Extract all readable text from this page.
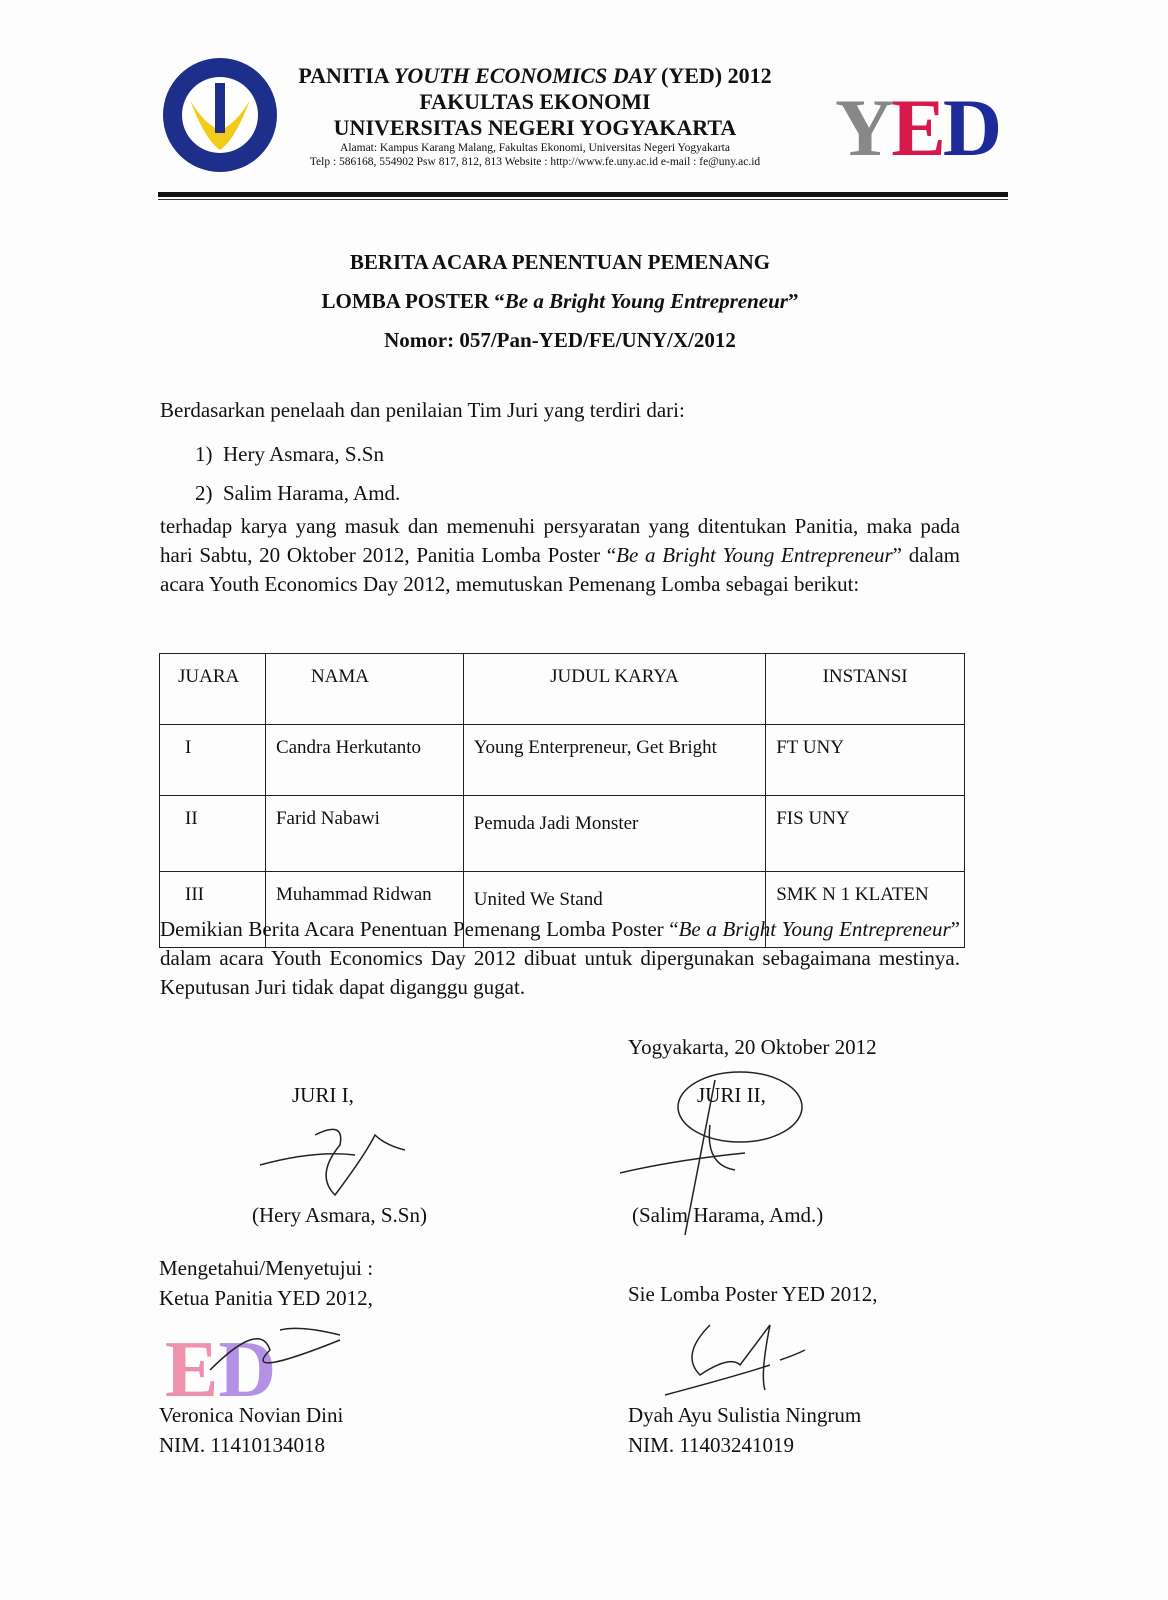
PANITIA YOUTH ECONOMICS DAY (YED) 2012
FAKULTAS EKONOMI
UNIVERSITAS NEGERI YOGYAKARTA
Alamat: Kampus Karang Malang, Fakultas Ekonomi, Universitas Negeri Yogyakarta
Telp : 586168, 554902 Psw 817, 812, 813 Website : http://www.fe.uny.ac.id e-mail : fe@uny.ac.id YED
BERITA ACARA PENENTUAN PEMENANG
LOMBA POSTER “Be a Bright Young Entrepreneur”
Nomor: 057/Pan-YED/FE/UNY/X/2012
Berdasarkan penelaah dan penilaian Tim Juri yang terdiri dari:
1) Hery Asmara, S.Sn
2) Salim Harama, Amd.
terhadap karya yang masuk dan memenuhi persyaratan yang ditentukan Panitia, maka pada hari Sabtu, 20 Oktober 2012, Panitia Lomba Poster “Be a Bright Young Entrepreneur” dalam acara Youth Economics Day 2012, memutuskan Pemenang Lomba sebagai berikut:
JUARA	NAMA	JUDUL KARYA	INSTANSI
I	Candra Herkutanto	Young Enterpreneur, Get Bright	FT UNY
II	Farid Nabawi	Pemuda Jadi Monster	FIS UNY
III	Muhammad Ridwan	United We Stand	SMK N 1 KLATEN
Demikian Berita Acara Penentuan Pemenang Lomba Poster “Be a Bright Young Entrepreneur” dalam acara Youth Economics Day 2012 dibuat untuk dipergunakan sebagaimana mestinya. Keputusan Juri tidak dapat diganggu gugat.
Yogyakarta, 20 Oktober 2012
JURI I,
(Hery Asmara, S.Sn)
JURI II,
(Salim Harama, Amd.)
Mengetahui/Menyetujui :
Ketua Panitia YED 2012,
ED
Veronica Novian Dini
NIM. 11410134018
Sie Lomba Poster YED 2012,
Dyah Ayu Sulistia Ningrum
NIM. 11403241019
